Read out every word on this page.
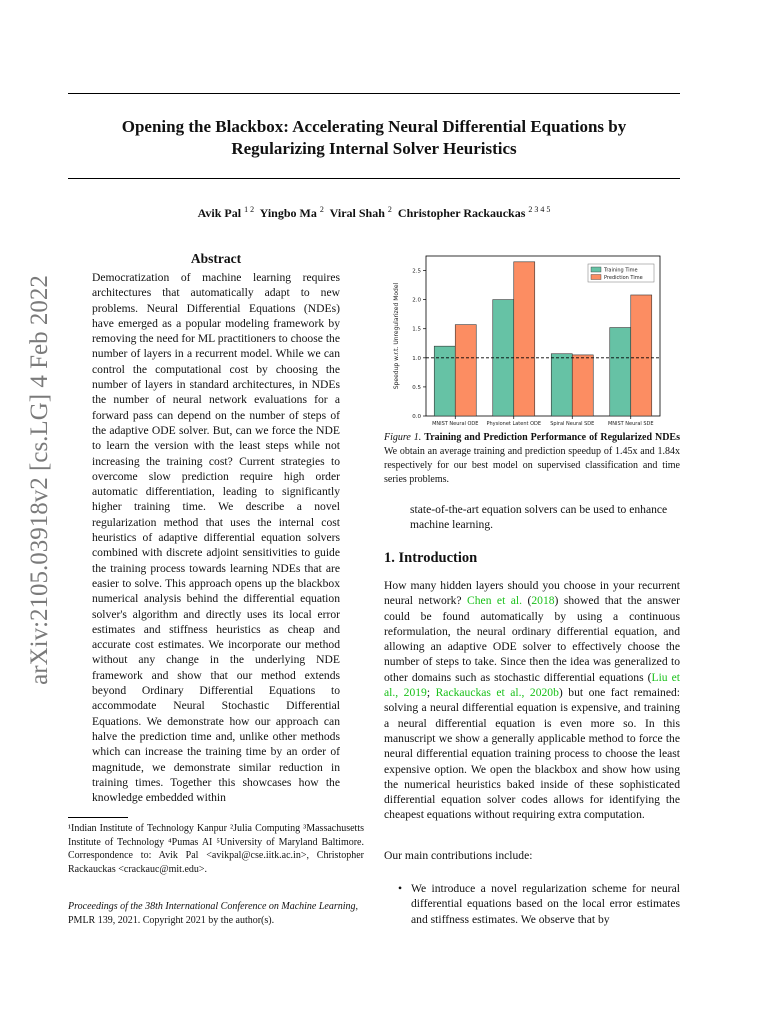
Opening the Blackbox: Accelerating Neural Differential Equations by
Regularizing Internal Solver Heuristics
Avik Pal $^{1 2}$ Yingbo Ma $^2$ Viral Shah $^2$ Christopher Rackauckas $^{2 3 4 5}$
arXiv:2105.03918v2 [cs.LG] 4 Feb 2022
Abstract

Democratization of machine learning requires architectures that automatically adapt to new problems. Neural Differential Equations (NDEs) have emerged as a popular modeling framework by removing the need for ML practitioners to choose the number of layers in a recurrent model. While we can control the computational cost by choosing the number of layers in standard architectures, in NDEs the number of neural network evaluations for a forward pass can depend on the number of steps of the adaptive ODE solver. But, can we force the NDE to learn the version with the least steps while not increasing the training cost? Current strategies to overcome slow prediction require high order automatic differentiation, leading to significantly higher training time. We describe a novel regularization method that uses the internal cost heuristics of adaptive differential equation solvers combined with discrete adjoint sensitivities to guide the training process towards learning NDEs that are easier to solve. This approach opens up the blackbox numerical analysis behind the differential equation solver's algorithm and directly uses its local error estimates and stiffness heuristics as cheap and accurate cost estimates. We incorporate our method without any change in the underlying NDE framework and show that our method extends beyond Ordinary Differential Equations to accommodate Neural Stochastic Differential Equations. We demonstrate how our approach can halve the prediction time and, unlike other methods which can increase the training time by an order of magnitude, we demonstrate similar reduction in training times. Together this showcases how the knowledge embedded within

¹Indian Institute of Technology Kanpur ²Julia Computing ³Massachusetts Institute of Technology ⁴Pumas AI ⁵University of Maryland Baltimore. Correspondence to: Avik Pal <avikpal@cse.iitk.ac.in>, Christopher Rackauckas <crackauc@mit.edu>.
Proceedings of the 38th International Conference on Machine Learning, PMLR 139, 2021. Copyright 2021 by the author(s).
0.0
0.5
1.0
1.5
2.0
2.5
Speedup w.r.t. Unregularized Model
MNIST Neural ODE Physionet Latent ODE Spiral Neural SDE	MNIST Neural SDE
Training Time
Prediction Time
Figure 1. Training and Prediction Performance of Regularized NDEs We obtain an average training and prediction speedup of 1.45x and 1.84x respectively for our best model on supervised classification and time series problems.
state-of-the-art equation solvers can be used to enhance machine learning.
1. Introduction

How many hidden layers should you choose in your recurrent neural network? Chen et al. (2018) showed that the answer could be found automatically by using a continuous reformulation, the neural ordinary differential equation, and allowing an adaptive ODE solver to effectively choose the number of steps to take. Since then the idea was generalized to other domains such as stochastic differential equations (Liu et al., 2019; Rackauckas et al., 2020b) but one fact remained: solving a neural differential equation is expensive, and training a neural differential equation is even more so. In this manuscript we show a generally applicable method to force the neural differential equation training process to choose the least expensive option. We open the blackbox and show how using the numerical heuristics baked inside of these sophisticated differential equation solver codes allows for identifying the cheapest equations without requiring extra computation.

Our main contributions include:
• We introduce a novel regularization scheme for neural differential equations based on the local error estimates and stiffness estimates. We observe that by
